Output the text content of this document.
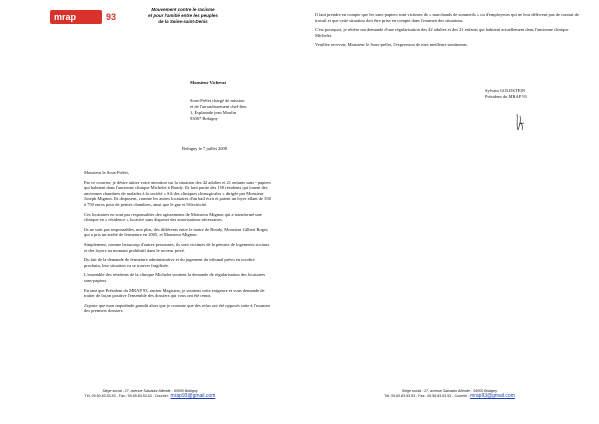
mrap	93
Mouvement contre le racisme
et pour l'amitié entre les peuples
de la Seine-saint-Denis
Monsieur Vicherat
Sous-Préfet chargé de mission
et de l'arrondissement chef-lieu
1, Esplanade jean Moulin
93007 Bobigny
Bobigny le 7 juillet 2008

Monsieur le Sous-Préfet,

Par ce courrier, je désire attirer votre attention sur la situation des 42 adultes et 21 enfants sans - papiers qui habitent dans l'ancienne clinique Michelet à Bondy. Ils font partie des 150 résidents qui louent des anciennes chambres de malades à la société « SA des cliniques chirurgicales » dirigée par Monsieur Joseph Mignon. Ils disposent, comme les autres locataires d'un bail écrit et paient un loyer allant de 350 à 750 euros pour de petites chambres, ainsi que le gaz et l'électricité.

Ces locataires ne sont pas responsables des agissements de Monsieur Mignon qui a transformé une clinique en « résidence » locative sans disposer des autorisations nécessaires.

Ils ne sont pas responsables, non plus, des différents entre le maire de Bondy, Monsieur Gilbert Roger, qui a pris un arrêté de fermeture en 2005, et Monsieur Mignon.

Simplement, comme beaucoup d'autres personnes, ils sont victimes de la pénurie de logements sociaux et des loyers au montant prohibitif dans le secteur privé.

Du fait de la demande de fermeture administrative et du jugement du tribunal prévu en octobre prochain, leur situation va se trouver fragilisée.

L'ensemble des résidents de la clinique Michelet soutient la demande de régularisation des locataires sans-papiers.

En tant que Président du MRAP 93, ancien Magistrat, je soutiens cette exigence et vous demande de traiter de façon positive l'ensemble des dossiers qui vous ont été remis.

J'ajoute que mon inquiétude grandit alors que je constate que des refus ont été opposés suite à l'examen des premiers dossiers.

Siège social : 27, avenue Salvador Allende - 93000 Bobigny
Tél. 09.50.83.53.53 - Fax.: 09.55.83.53.53 - Courriel : mrap93@gmail.com

Il faut prendre en compte que les sans-papiers sont victimes de « marchands de sommeils » ou d'employeurs qui ne leur délivrent pas de contrat de travail et que cette situation doit être prise en compte dans l'examen des situations.

C'est pourquoi, je réitère ma demande d'une régularisation des 42 adultes et des 21 enfants qui habitent actuellement dans l'ancienne clinique Michelet.

Veuillez recevoir, Monsieur le Sous-préfet, l'expression de mes meilleurs sentiments.

Sylvain GOLDSTEIN
Président du MRAP 93
Siège social : 27, avenue Salvador Allende - 93000 Bobigny
Tél. 09.50.83.53.53 - Fax.: 09.55.83.53.53 - Courriel : mrap93@gmail.com
